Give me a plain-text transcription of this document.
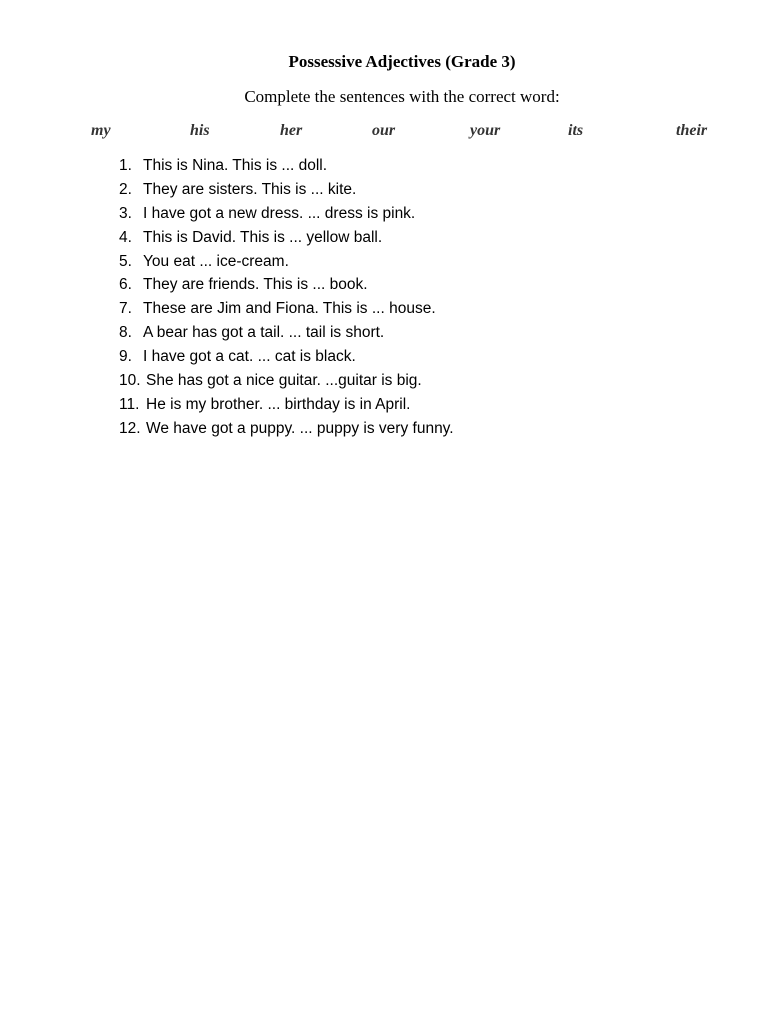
Possessive Adjectives (Grade 3)

Complete the sentences with the correct word:

my	his	her	our	your	its	their
1. This is Nina. This is ... doll.
2. They are sisters. This is ... kite.
3. I have got a new dress. ... dress is pink.
4. This is David. This is ... yellow ball.
5. You eat ... ice-cream.
6. They are friends. This is ... book.
7. These are Jim and Fiona. This is ... house.
8. A bear has got a tail. ... tail is short.
9. I have got a cat. ... cat is black.
10. She has got a nice guitar. ...guitar is big.
11. He is my brother. ... birthday is in April.
12. We have got a puppy. ... puppy is very funny.
